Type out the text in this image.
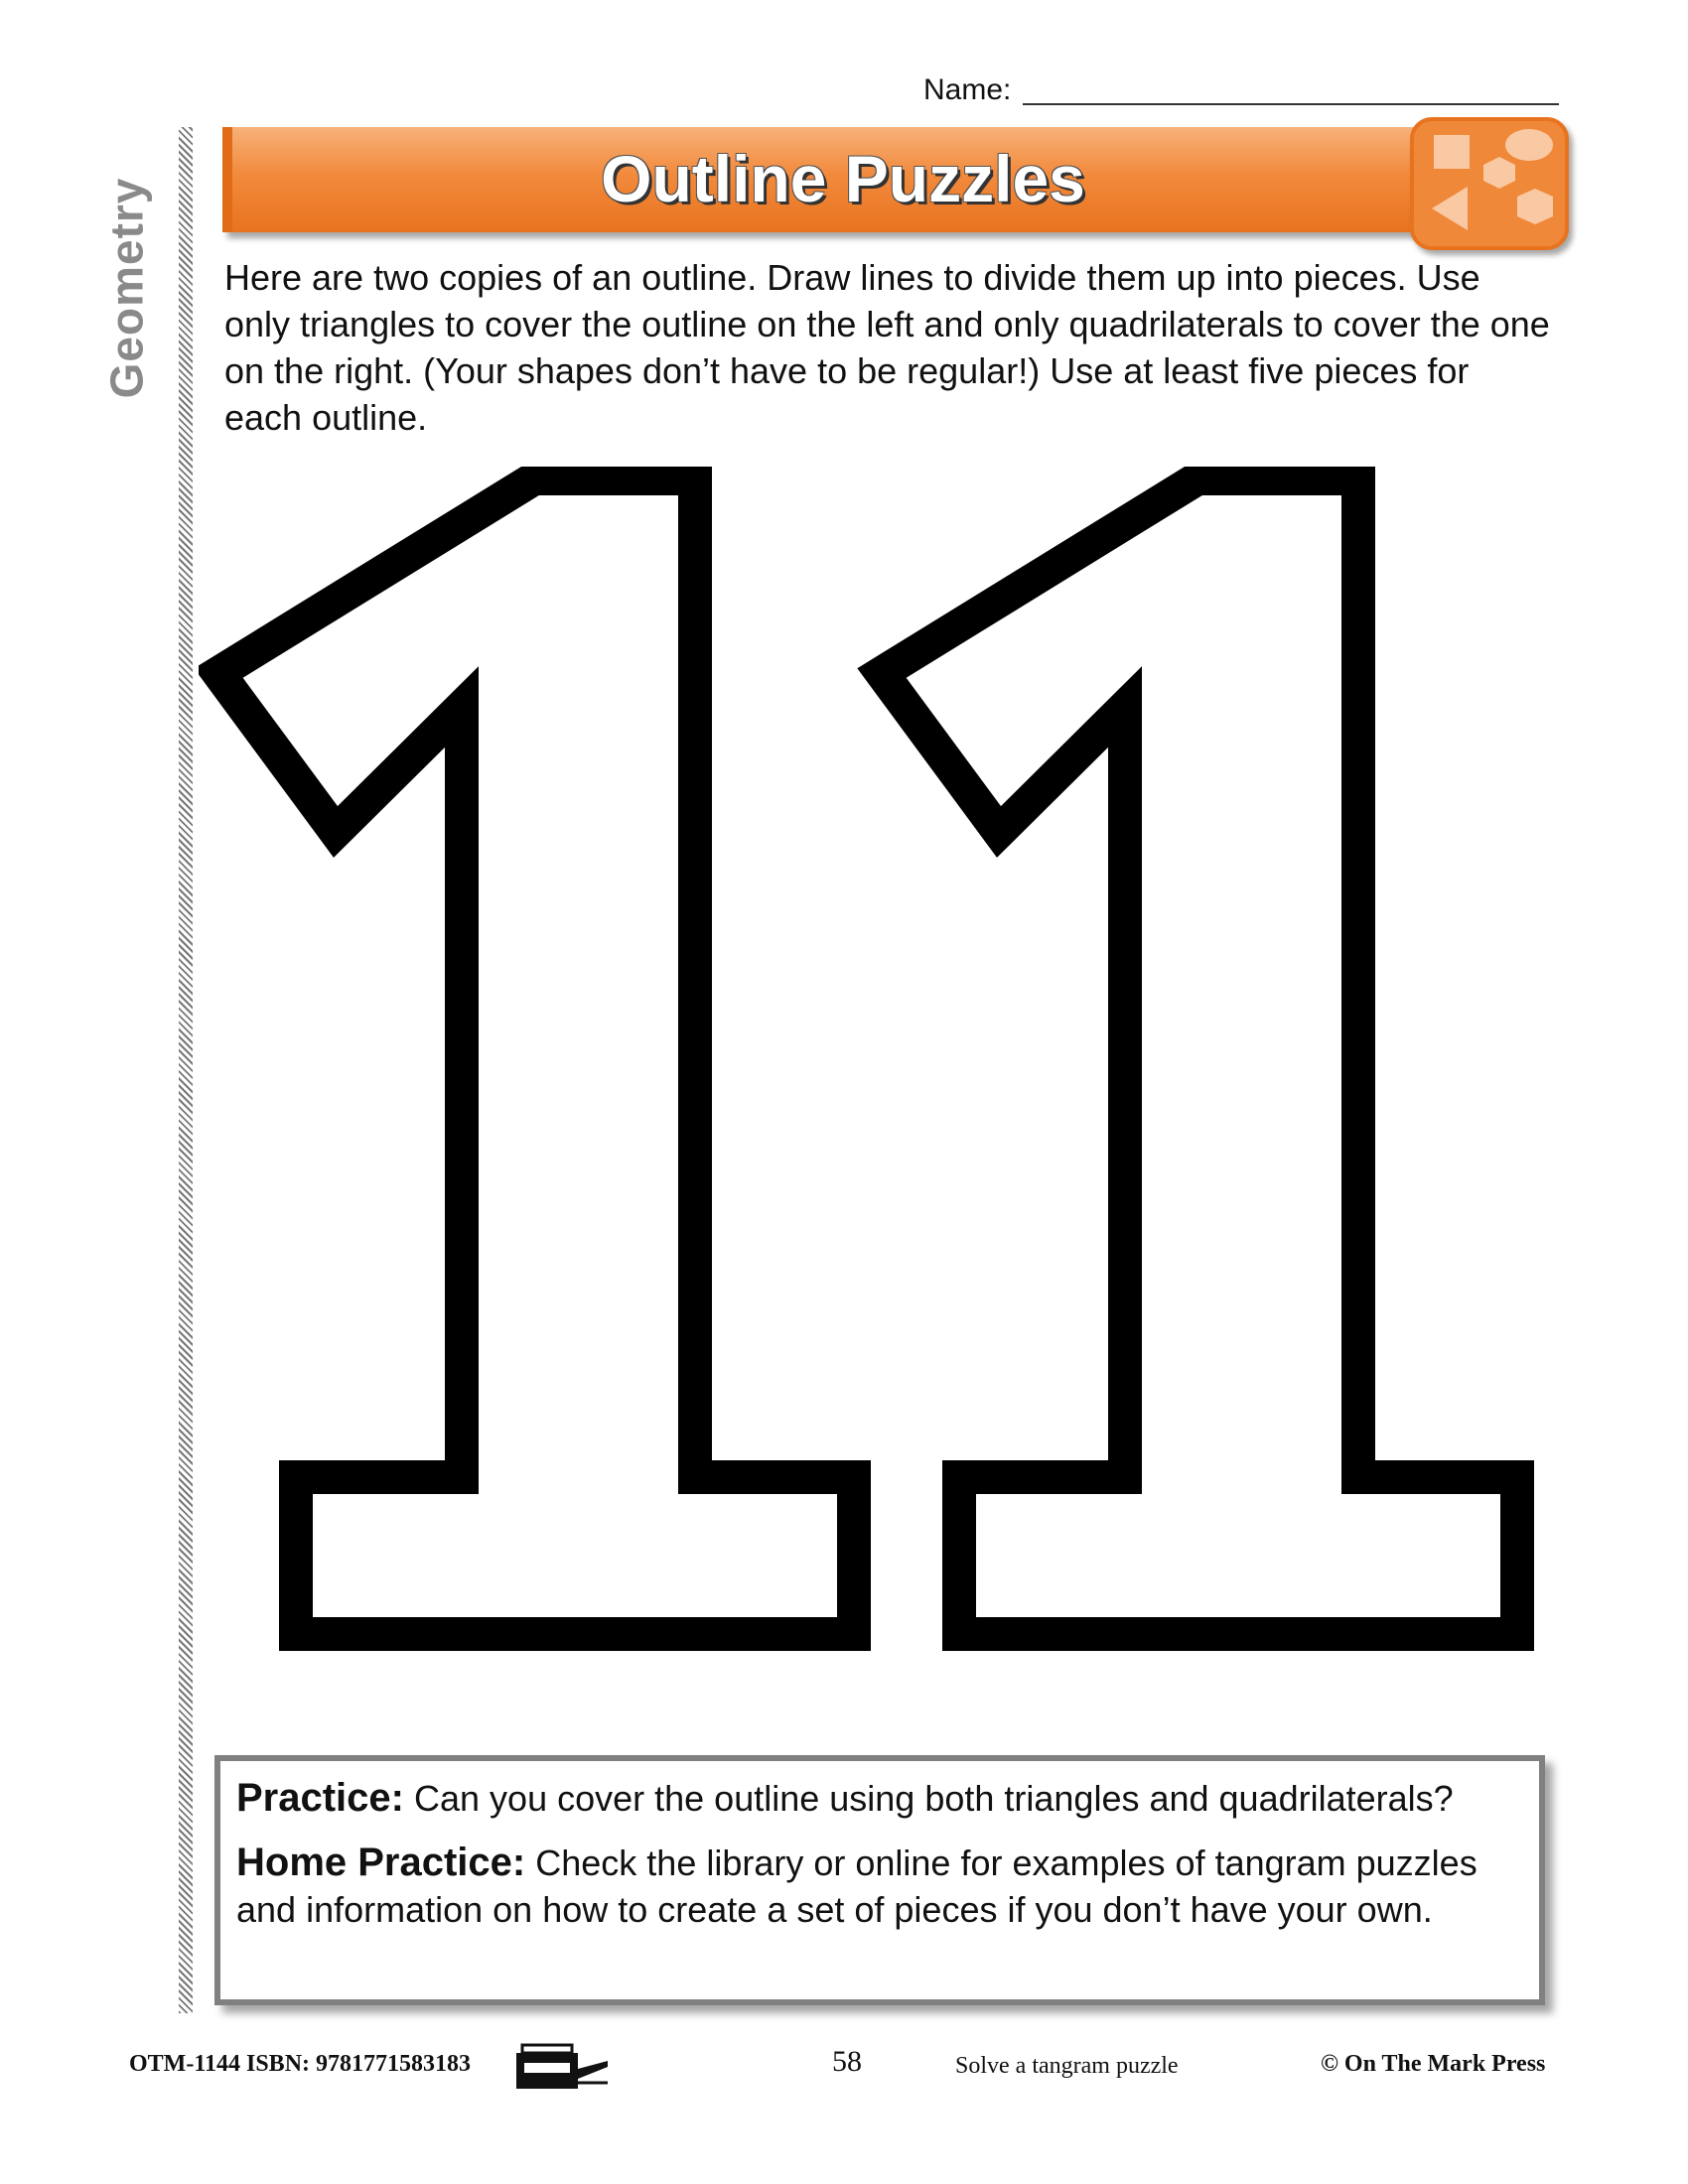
Name:
Geometry	Outline Puzzles
Here are two copies of an outline. Draw lines to divide them up into pieces. Use only triangles to cover the outline on the left and only quadrilaterals to cover the one on the right. (Your shapes don’t have to be regular!) Use at least five pieces for each outline.

Practice: Can you cover the outline using both triangles and quadrilaterals?

Home Practice: Check the library or online for examples of tangram puzzles and information on how to create a set of pieces if you don’t have your own.

OTM-1144 ISBN: 9781771583183	58	Solve a tangram puzzle	© On The Mark Press
